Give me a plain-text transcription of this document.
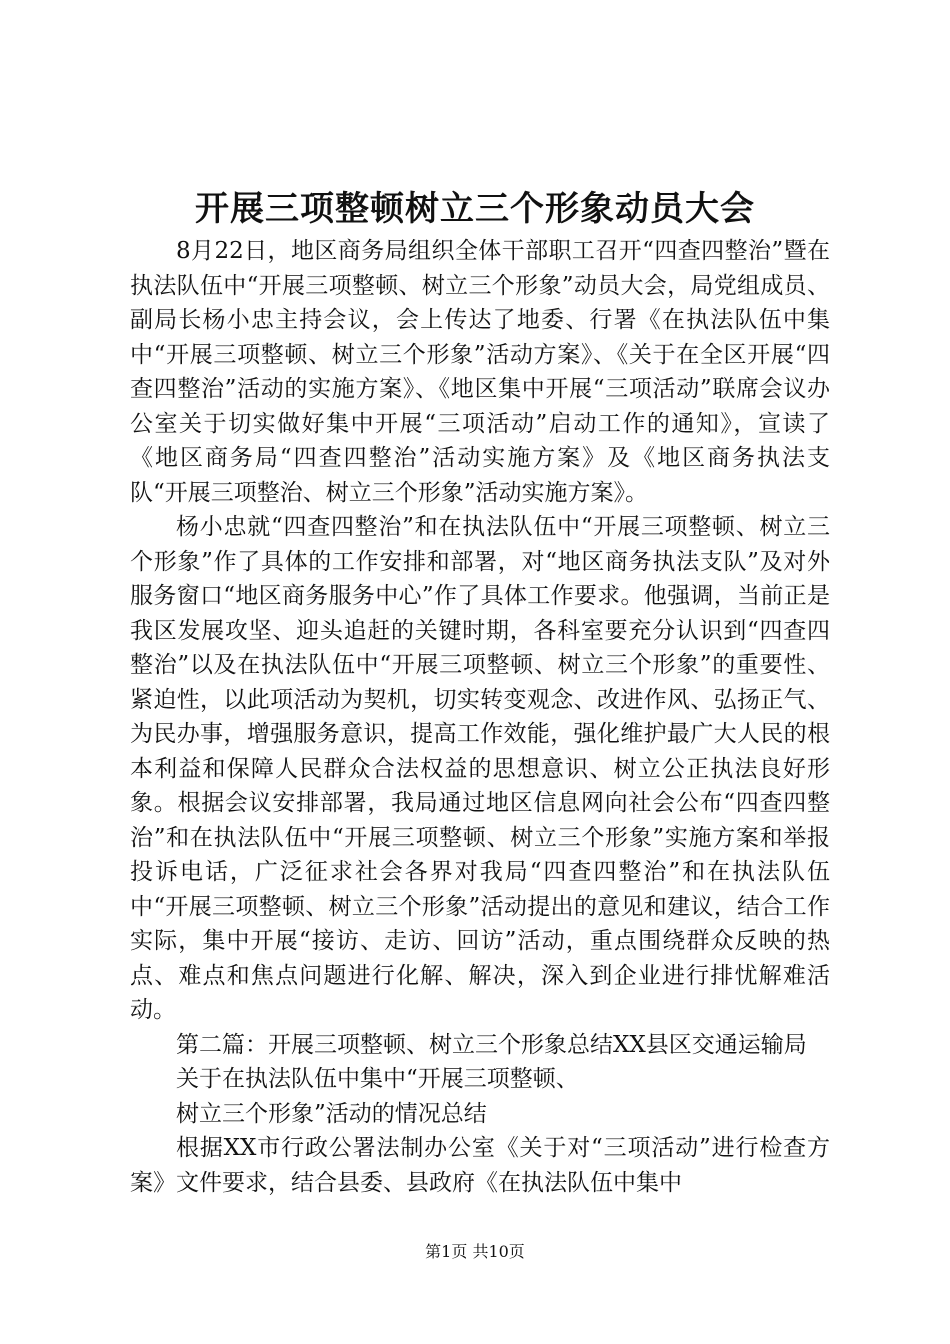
开展三项整顿树立三个形象动员大会

8月22日，地区商务局组织全体干部职工召开“四查四整治”暨在执法队伍中“开展三项整顿、树立三个形象”动员大会，局党组成员、副局长杨小忠主持会议，会上传达了地委、行署《在执法队伍中集中“开展三项整顿、树立三个形象”活动方案》、《关于在全区开展“四查四整治”活动的实施方案》、《地区集中开展“三项活动”联席会议办公室关于切实做好集中开展“三项活动”启动工作的通知》，宣读了《地区商务局“四查四整治”活动实施方案》及《地区商务执法支队“开展三项整治、树立三个形象”活动实施方案》。

杨小忠就“四查四整治”和在执法队伍中“开展三项整顿、树立三个形象”作了具体的工作安排和部署，对“地区商务执法支队”及对外服务窗口“地区商务服务中心”作了具体工作要求。他强调，当前正是我区发展攻坚、迎头追赶的关键时期，各科室要充分认识到“四查四整治”以及在执法队伍中“开展三项整顿、树立三个形象”的重要性、紧迫性，以此项活动为契机，切实转变观念、改进作风、弘扬正气、为民办事，增强服务意识，提高工作效能，强化维护最广大人民的根本利益和保障人民群众合法权益的思想意识、树立公正执法良好形象。根据会议安排部署，我局通过地区信息网向社会公布“四查四整治”和在执法队伍中“开展三项整顿、树立三个形象”实施方案和举报投诉电话，广泛征求社会各界对我局“四查四整治”和在执法队伍中“开展三项整顿、树立三个形象”活动提出的意见和建议，结合工作实际，集中开展“接访、走访、回访”活动，重点围绕群众反映的热点、难点和焦点问题进行化解、解决，深入到企业进行排忧解难活动。

第二篇：开展三项整顿、树立三个形象总结XX县区交通运输局

关于在执法队伍中集中“开展三项整顿、

树立三个形象”活动的情况总结

根据XX市行政公署法制办公室《关于对“三项活动”进行检查方案》文件要求，结合县委、县政府《在执法队伍中集中

第1页 共10页
